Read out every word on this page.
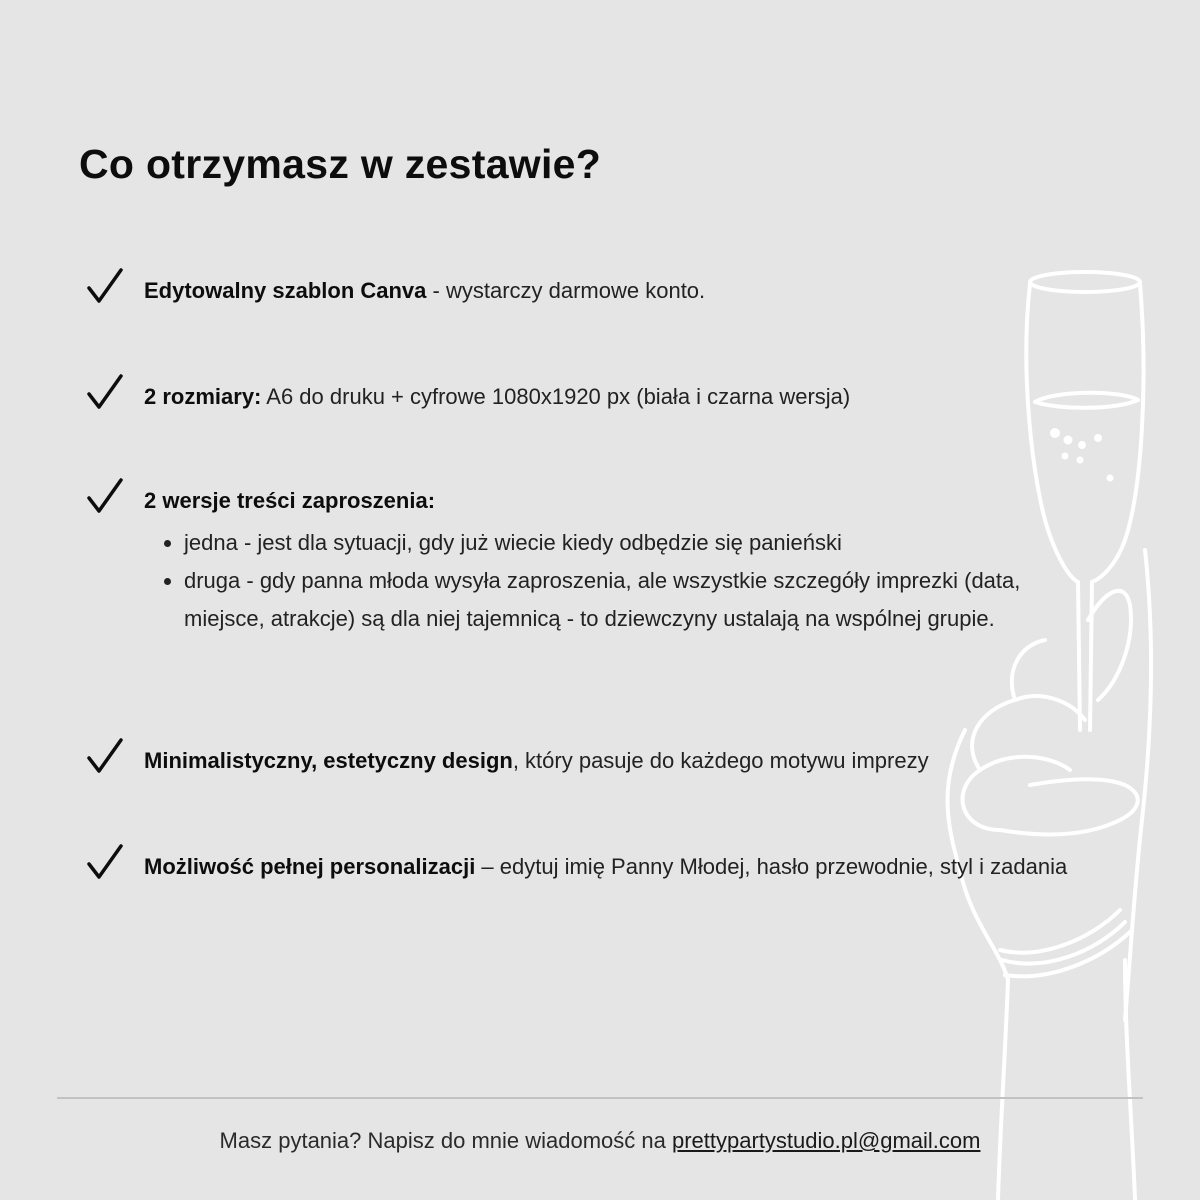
Co otrzymasz w zestawie?
Edytowalny szablon Canva - wystarczy darmowe konto.
2 rozmiary: A6 do druku + cyfrowe 1080x1920 px (biała i czarna wersja)
2 wersje treści zaproszenia:
jedna - jest dla sytuacji, gdy już wiecie kiedy odbędzie się panieński
druga - gdy panna młoda wysyła zaproszenia, ale wszystkie szczegóły imprezki (data, miejsce, atrakcje) są dla niej tajemnicą - to dziewczyny ustalają na wspólnej grupie.
Minimalistyczny, estetyczny design, który pasuje do każdego motywu imprezy
Możliwość pełnej personalizacji – edytuj imię Panny Młodej, hasło przewodnie, styl i zadania
Masz pytania? Napisz do mnie wiadomość na prettypartystudio.pl@gmail.com
